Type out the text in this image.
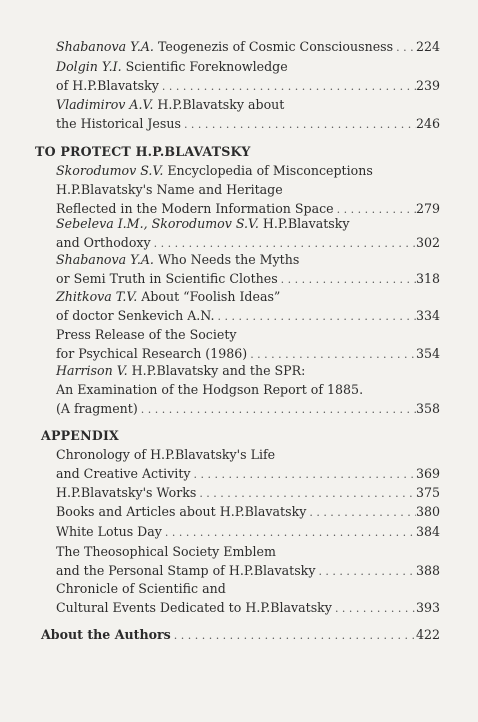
Shabanova Y.A. Teogenezis of Cosmic Consciousness . . . 224
Dolgin Y.I. Scientific Foreknowledge
of H.P.Blavatsky . . .	239
Vladimirov A.V. H.P.Blavatsky about
the Historical Jesus . . .	246
TO PROTECT H.P.BLAVATSKY
Skorodumov S.V. Encyclopedia of Misconceptions
H.P.Blavatsky's Name and Heritage
Reflected in the Modern Information Space . . .	279
Sebeleva I.M., Skorodumov S.V. H.P.Blavatsky
and Orthodoxy . . .	302
Shabanova Y.A. Who Needs the Myths
or Semi Truth in Scientific Clothes . . .	318
Zhitkova T.V. About “Foolish Ideas”
of doctor Senkevich A.N. . . .	334
Press Release of the Society
for Psychical Research (1986) . . .	354
Harrison V. H.P.Blavatsky and the SPR:
An Examination of the Hodgson Report of 1885.
(A fragment) . . .	358
APPENDIX
Chronology of H.P.Blavatsky's Life
and Creative Activity . . .	369
H.P.Blavatsky's Works . . .	375
Books and Articles about H.P.Blavatsky . . .	380
White Lotus Day . . .	384
The Theosophical Society Emblem
and the Personal Stamp of H.P.Blavatsky . . .	388
Chronicle of Scientific and
Cultural Events Dedicated to H.P.Blavatsky . . .	393
About the Authors . . .	422
